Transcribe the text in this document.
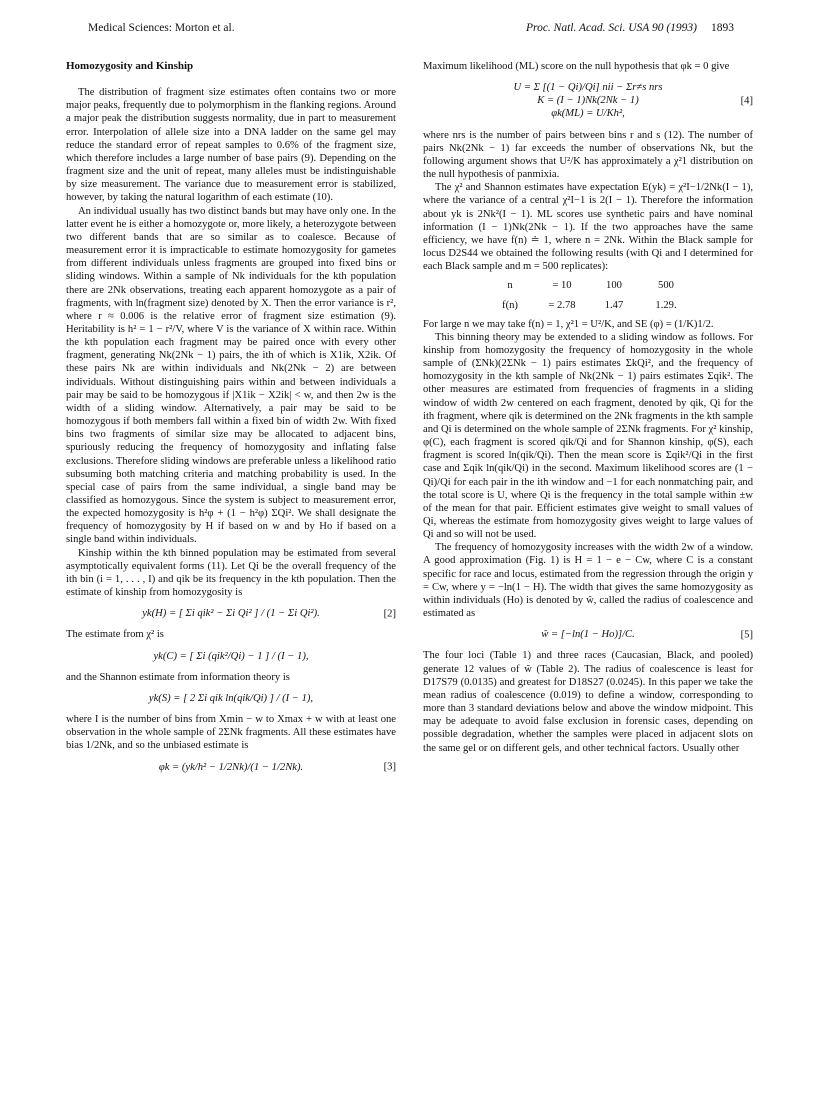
Medical Sciences: Morton et al.	Proc. Natl. Acad. Sci. USA 90 (1993) 1893
Homozygosity and Kinship

The distribution of fragment size estimates often contains two or more major peaks, frequently due to polymorphism in the flanking regions. Around a major peak the distribution suggests normality, due in part to measurement error. Interpolation of allele size into a DNA ladder on the same gel may reduce the standard error of repeat samples to 0.6% of the fragment size, which therefore includes a large number of base pairs (9). Depending on the fragment size and the unit of repeat, many alleles must be indistinguishable by size measurement. The variance due to measurement error is stabilized, however, by taking the natural logarithm of each estimate (10).

An individual usually has two distinct bands but may have only one. In the latter event he is either a homozygote or, more likely, a heterozygote between two different bands that are so similar as to coalesce. Because of measurement error it is impracticable to estimate homozygosity for gametes from different individuals unless fragments are grouped into fixed bins or sliding windows. Within a sample of Nk individuals for the kth population there are 2Nk observations, treating each apparent homozygote as a pair of fragments, with ln(fragment size) denoted by X. Then the error variance is r², where r ≈ 0.006 is the relative error of fragment size estimation (9). Heritability is h² = 1 − r²/V, where V is the variance of X within race. Within the kth population each fragment may be paired once with every other fragment, generating Nk(2Nk − 1) pairs, the ith of which is X1ik, X2ik. Of these pairs Nk are within individuals and Nk(2Nk − 2) are between individuals. Without distinguishing pairs within and between individuals a pair may be said to be homozygous if |X1ik − X2ik| < w, and then 2w is the width of a sliding window. Alternatively, a pair may be said to be homozygous if both members fall within a fixed bin of width 2w. With fixed bins two fragments of similar size may be allocated to adjacent bins, spuriously reducing the frequency of homozygosity and inflating false exclusions. Therefore sliding windows are preferable unless a likelihood ratio subsuming both matching criteria and matching probability is used. In the special case of pairs from the same individual, a single band may be classified as homozygous. Since the system is subject to measurement error, the expected homozygosity is h²φ + (1 − h²φ) ΣQi². We shall designate the frequency of homozygosity by H if based on w and by Ho if based on a single band within individuals.

Kinship within the kth binned population may be estimated from several asymptotically equivalent forms (11). Let Qi be the overall frequency of the ith bin (i = 1, . . . , I) and qik be its frequency in the kth population. Then the estimate of kinship from homozygosity is

yk(H) = [ Σi qik² − Σi Qi² ] / (1 − Σi Qi²).	[2]

The estimate from χ² is

yk(C) = [ Σi (qik²/Qi) − 1 ] / (I − 1),

and the Shannon estimate from information theory is

yk(S) = [ 2 Σi qik ln(qik/Qi) ] / (I − 1),

where I is the number of bins from Xmin − w to Xmax + w with at least one observation in the whole sample of 2ΣNk fragments. All these estimates have bias 1/2Nk, and so the unbiased estimate is

φk = (yk/h² − 1/2Nk)/(1 − 1/2Nk).	[3]

Maximum likelihood (ML) score on the null hypothesis that φk = 0 give

U = Σ [(1 − Qi)/Qi] nii − Σr≠s nrs
K = (I − 1)Nk(2Nk − 1)
φk(ML) = U/Kh²,
[4]

where nrs is the number of pairs between bins r and s (12). The number of pairs Nk(2Nk − 1) far exceeds the number of observations Nk, but the following argument shows that U²/K has approximately a χ²1 distribution on the null hypothesis of panmixia.

The χ² and Shannon estimates have expectation E(yk) = χ²I−1/2Nk(I − 1), where the variance of a central χ²I−1 is 2(I − 1). Therefore the information about yk is 2Nk²(I − 1). ML scores use synthetic pairs and have nominal information (I − 1)Nk(2Nk − 1). If the two approaches have the same efficiency, we have f(n) ≐ 1, where n = 2Nk. Within the Black sample for locus D2S44 we obtained the following results (with Qi and I determined for each Black sample and m = 500 replicates):

n	= 10	100	500
f(n)	= 2.78	1.47	1.29.

For large n we may take f(n) = 1, χ²1 = U²/K, and SE (φ) = (1/K)1/2.

This binning theory may be extended to a sliding window as follows. For kinship from homozygosity the frequency of homozygosity in the whole sample of (ΣNk)(2ΣNk − 1) pairs estimates ΣkQi², and the frequency of homozygosity in the kth sample of Nk(2Nk − 1) pairs estimates Σqik². The other measures are estimated from frequencies of fragments in a sliding window of width 2w centered on each fragment, denoted by qik, Qi for the ith fragment, where qik is determined on the 2Nk fragments in the kth sample and Qi is determined on the whole sample of 2ΣNk fragments. For χ² kinship, φ(C), each fragment is scored qik/Qi and for Shannon kinship, φ(S), each fragment is scored ln(qik/Qi). Then the mean score is Σqik²/Qi in the first case and Σqik ln(qik/Qi) in the second. Maximum likelihood scores are (1 − Qi)/Qi for each pair in the ith window and −1 for each nonmatching pair, and the total score is U, where Qi is the frequency in the total sample within ±w of the mean for that pair. Efficient estimates give weight to small values of Qi, whereas the estimate from homozygosity gives weight to large values of Qi and so will not be used.

The frequency of homozygosity increases with the width 2w of a window. A good approximation (Fig. 1) is H = 1 − e − Cw, where C is a constant specific for race and locus, estimated from the regression through the origin y = Cw, where y = −ln(1 − H). The width that gives the same homozygosity as within individuals (Ho) is denoted by ŵ, called the radius of coalescence and estimated as

ŵ = [−ln(1 − Ho)]/C.	[5]

The four loci (Table 1) and three races (Caucasian, Black, and pooled) generate 12 values of ŵ (Table 2). The radius of coalescence is least for D17S79 (0.0135) and greatest for D18S27 (0.0245). In this paper we take the mean radius of coalescence (0.019) to define a window, corresponding to more than 3 standard deviations below and above the window midpoint. This may be adequate to avoid false exclusion in forensic cases, depending on possible degradation, whether the samples were placed in adjacent slots on the same gel or on different gels, and other technical factors. Usually other
